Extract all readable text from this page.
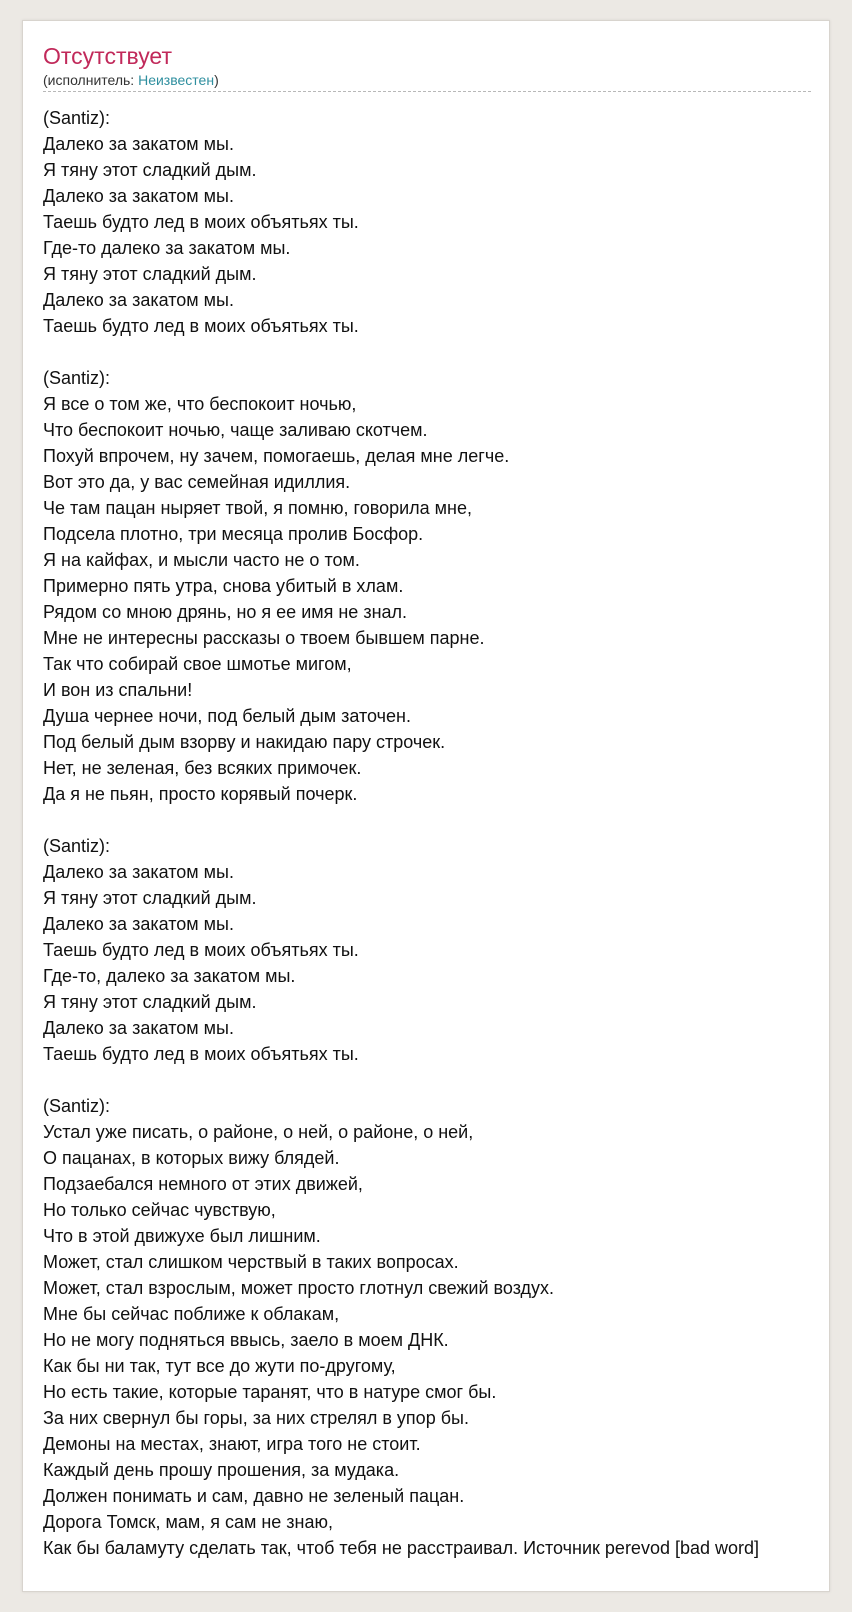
Отсутствует
(исполнитель: Неизвестен)
(Santiz):
Далеко за закатом мы.
Я тяну этот сладкий дым.
Далеко за закатом мы.
Таешь будто лед в моих объятьях ты.
Где-то далеко за закатом мы.
Я тяну этот сладкий дым.
Далеко за закатом мы.
Таешь будто лед в моих объятьях ты.
(Santiz):
Я все о том же, что беспокоит ночью,
Что беспокоит ночью, чаще заливаю скотчем.
Похуй впрочем, ну зачем, помогаешь, делая мне легче.
Вот это да, у вас семейная идиллия.
Че там пацан ныряет твой, я помню, говорила мне,
Подсела плотно, три месяца пролив Босфор.
Я на кайфах, и мысли часто не о том.
Примерно пять утра, снова убитый в хлам.
Рядом со мною дрянь, но я ее имя не знал.
Мне не интересны рассказы о твоем бывшем парне.
Так что собирай свое шмотье мигом,
И вон из спальни!
Душа чернее ночи, под белый дым заточен.
Под белый дым взорву и накидаю пару строчек.
Нет, не зеленая, без всяких примочек.
Да я не пьян, просто корявый почерк.
(Santiz):
Далеко за закатом мы.
Я тяну этот сладкий дым.
Далеко за закатом мы.
Таешь будто лед в моих объятьях ты.
Где-то, далеко за закатом мы.
Я тяну этот сладкий дым.
Далеко за закатом мы.
Таешь будто лед в моих объятьях ты.
(Santiz):
Устал уже писать, о районе, о ней, о районе, о ней,
О пацанах, в которых вижу блядей.
Подзаебался немного от этих движей,
Но только сейчас чувствую,
Что в этой движухе был лишним.
Может, стал слишком черствый в таких вопросах.
Может, стал взрослым, может просто глотнул свежий воздух.
Мне бы сейчас поближе к облакам,
Но не могу подняться ввысь, заело в моем ДНК.
Как бы ни так, тут все до жути по-другому,
Но есть такие, которые таранят, что в натуре смог бы.
За них свернул бы горы, за них стрелял в упор бы.
Демоны на местах, знают, игра того не стоит.
Каждый день прошу прошения, за мудака.
Должен понимать и сам, давно не зеленый пацан.
Дорога Томск, мам, я сам не знаю,
Как бы баламуту сделать так, чтоб тебя не расстраивал. Источник perevod [bad word]
